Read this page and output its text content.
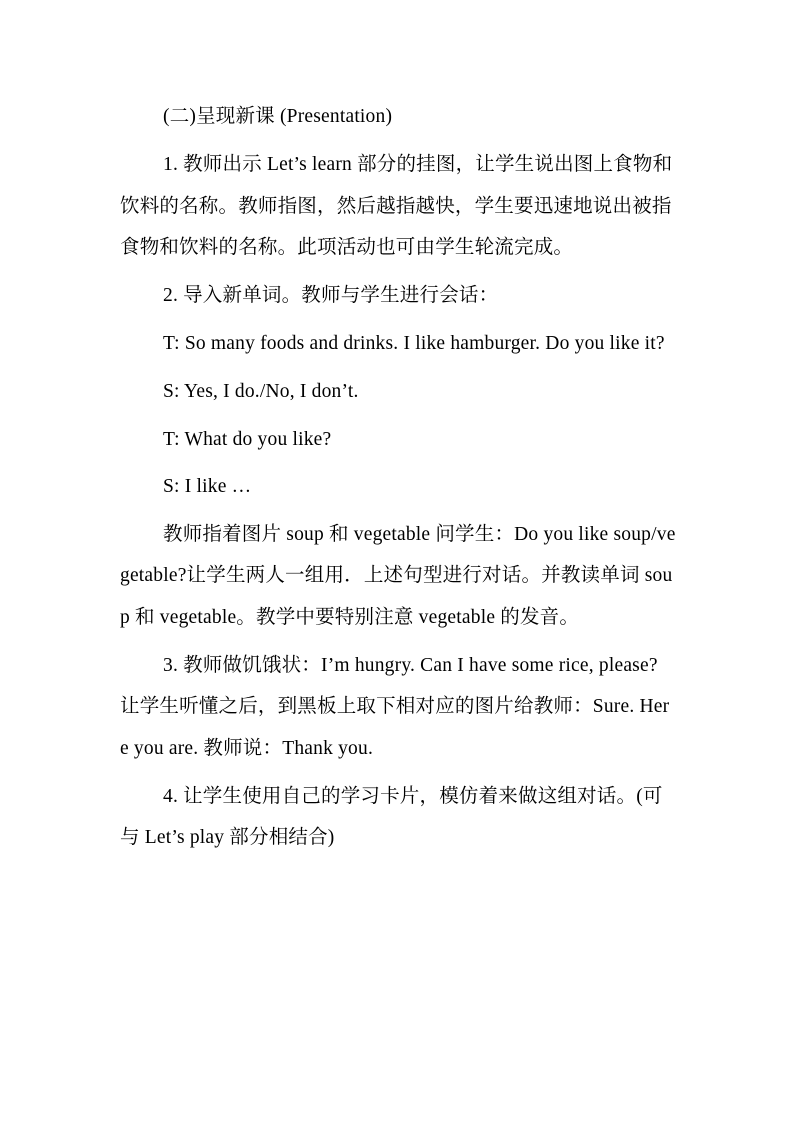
(二)呈现新课 (Presentation)

1. 教师出示 Let’s learn 部分的挂图，让学生说出图上食物和饮料的名称。教师指图，然后越指越快，学生要迅速地说出被指食物和饮料的名称。此项活动也可由学生轮流完成。

2. 导入新单词。教师与学生进行会话：

T: So many foods and drinks. I like hamburger. Do you like it?

S: Yes, I do./No, I don’t.

T: What do you like?

S: I like …

教师指着图片 soup 和 vegetable 问学生：Do you like soup/vegetable?让学生两人一组用．上述句型进行对话。并教读单词 soup 和 vegetable。教学中要特别注意 vegetable 的发音。

3. 教师做饥饿状：I’m hungry. Can I have some rice, please? 让学生听懂之后，到黑板上取下相对应的图片给教师：Sure. Here you are. 教师说：Thank you.

4. 让学生使用自己的学习卡片，模仿着来做这组对话。(可与 Let’s play 部分相结合)
